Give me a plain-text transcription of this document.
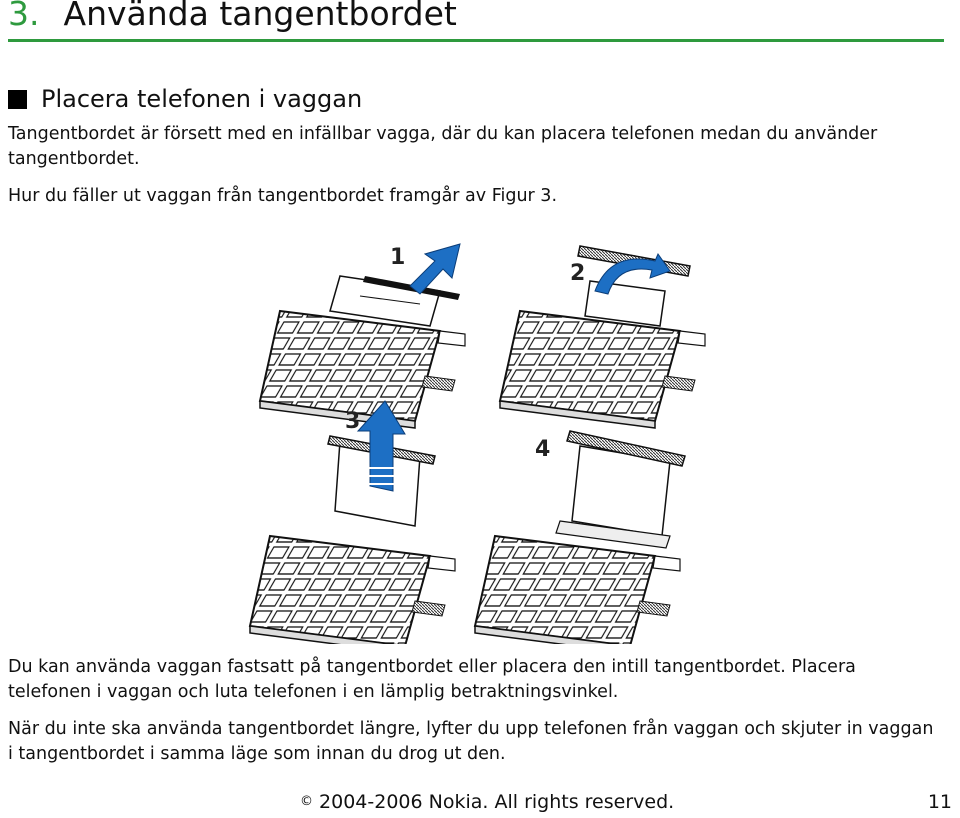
3. Använda tangentbordet
Placera telefonen i vaggan

Tangentbordet är försett med en infällbar vagga, där du kan placera telefonen medan du använder tangentbordet.

Hur du fäller ut vaggan från tangentbordet framgår av Figur 3.

1
2
3
4

Du kan använda vaggan fastsatt på tangentbordet eller placera den intill tangentbordet. Placera telefonen i vaggan och luta telefonen i en lämplig betraktningsvinkel.

När du inte ska använda tangentbordet längre, lyfter du upp telefonen från vaggan och skjuter in vaggan i tangentbordet i samma läge som innan du drog ut den.

© 2004-2006 Nokia. All rights reserved.	11
